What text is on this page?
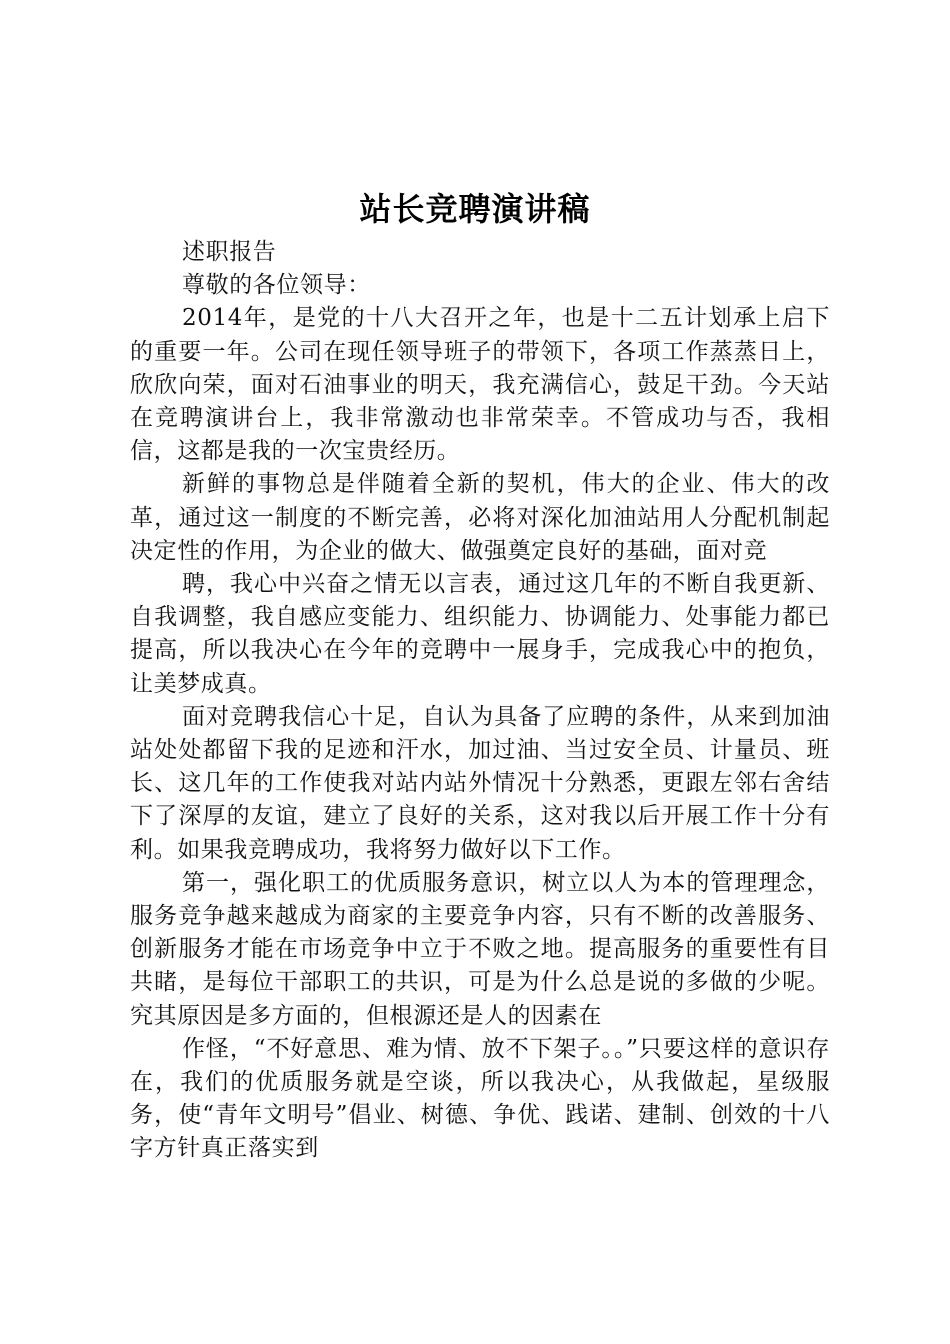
站长竞聘演讲稿

述职报告

尊敬的各位领导：

2014年，是党的十八大召开之年，也是十二五计划承上启下的重要一年。公司在现任领导班子的带领下，各项工作蒸蒸日上，欣欣向荣，面对石油事业的明天，我充满信心，鼓足干劲。今天站在竞聘演讲台上，我非常激动也非常荣幸。不管成功与否，我相信，这都是我的一次宝贵经历。

新鲜的事物总是伴随着全新的契机，伟大的企业、伟大的改革，通过这一制度的不断完善，必将对深化加油站用人分配机制起决定性的作用，为企业的做大、做强奠定良好的基础，面对竞

聘，我心中兴奋之情无以言表，通过这几年的不断自我更新、自我调整，我自感应变能力、组织能力、协调能力、处事能力都已提高，所以我决心在今年的竞聘中一展身手，完成我心中的抱负，让美梦成真。

面对竞聘我信心十足，自认为具备了应聘的条件，从来到加油站处处都留下我的足迹和汗水，加过油、当过安全员、计量员、班长、这几年的工作使我对站内站外情况十分熟悉，更跟左邻右舍结下了深厚的友谊，建立了良好的关系，这对我以后开展工作十分有利。如果我竞聘成功，我将努力做好以下工作。

第一，强化职工的优质服务意识，树立以人为本的管理理念，服务竞争越来越成为商家的主要竞争内容，只有不断的改善服务、创新服务才能在市场竞争中立于不败之地。提高服务的重要性有目共睹，是每位干部职工的共识，可是为什么总是说的多做的少呢。究其原因是多方面的，但根源还是人的因素在

作怪，“不好意思、难为情、放不下架子。。”只要这样的意识存在，我们的优质服务就是空谈，所以我决心，从我做起，星级服务，使“青年文明号”倡业、树德、争优、践诺、建制、创效的十八字方针真正落实到
